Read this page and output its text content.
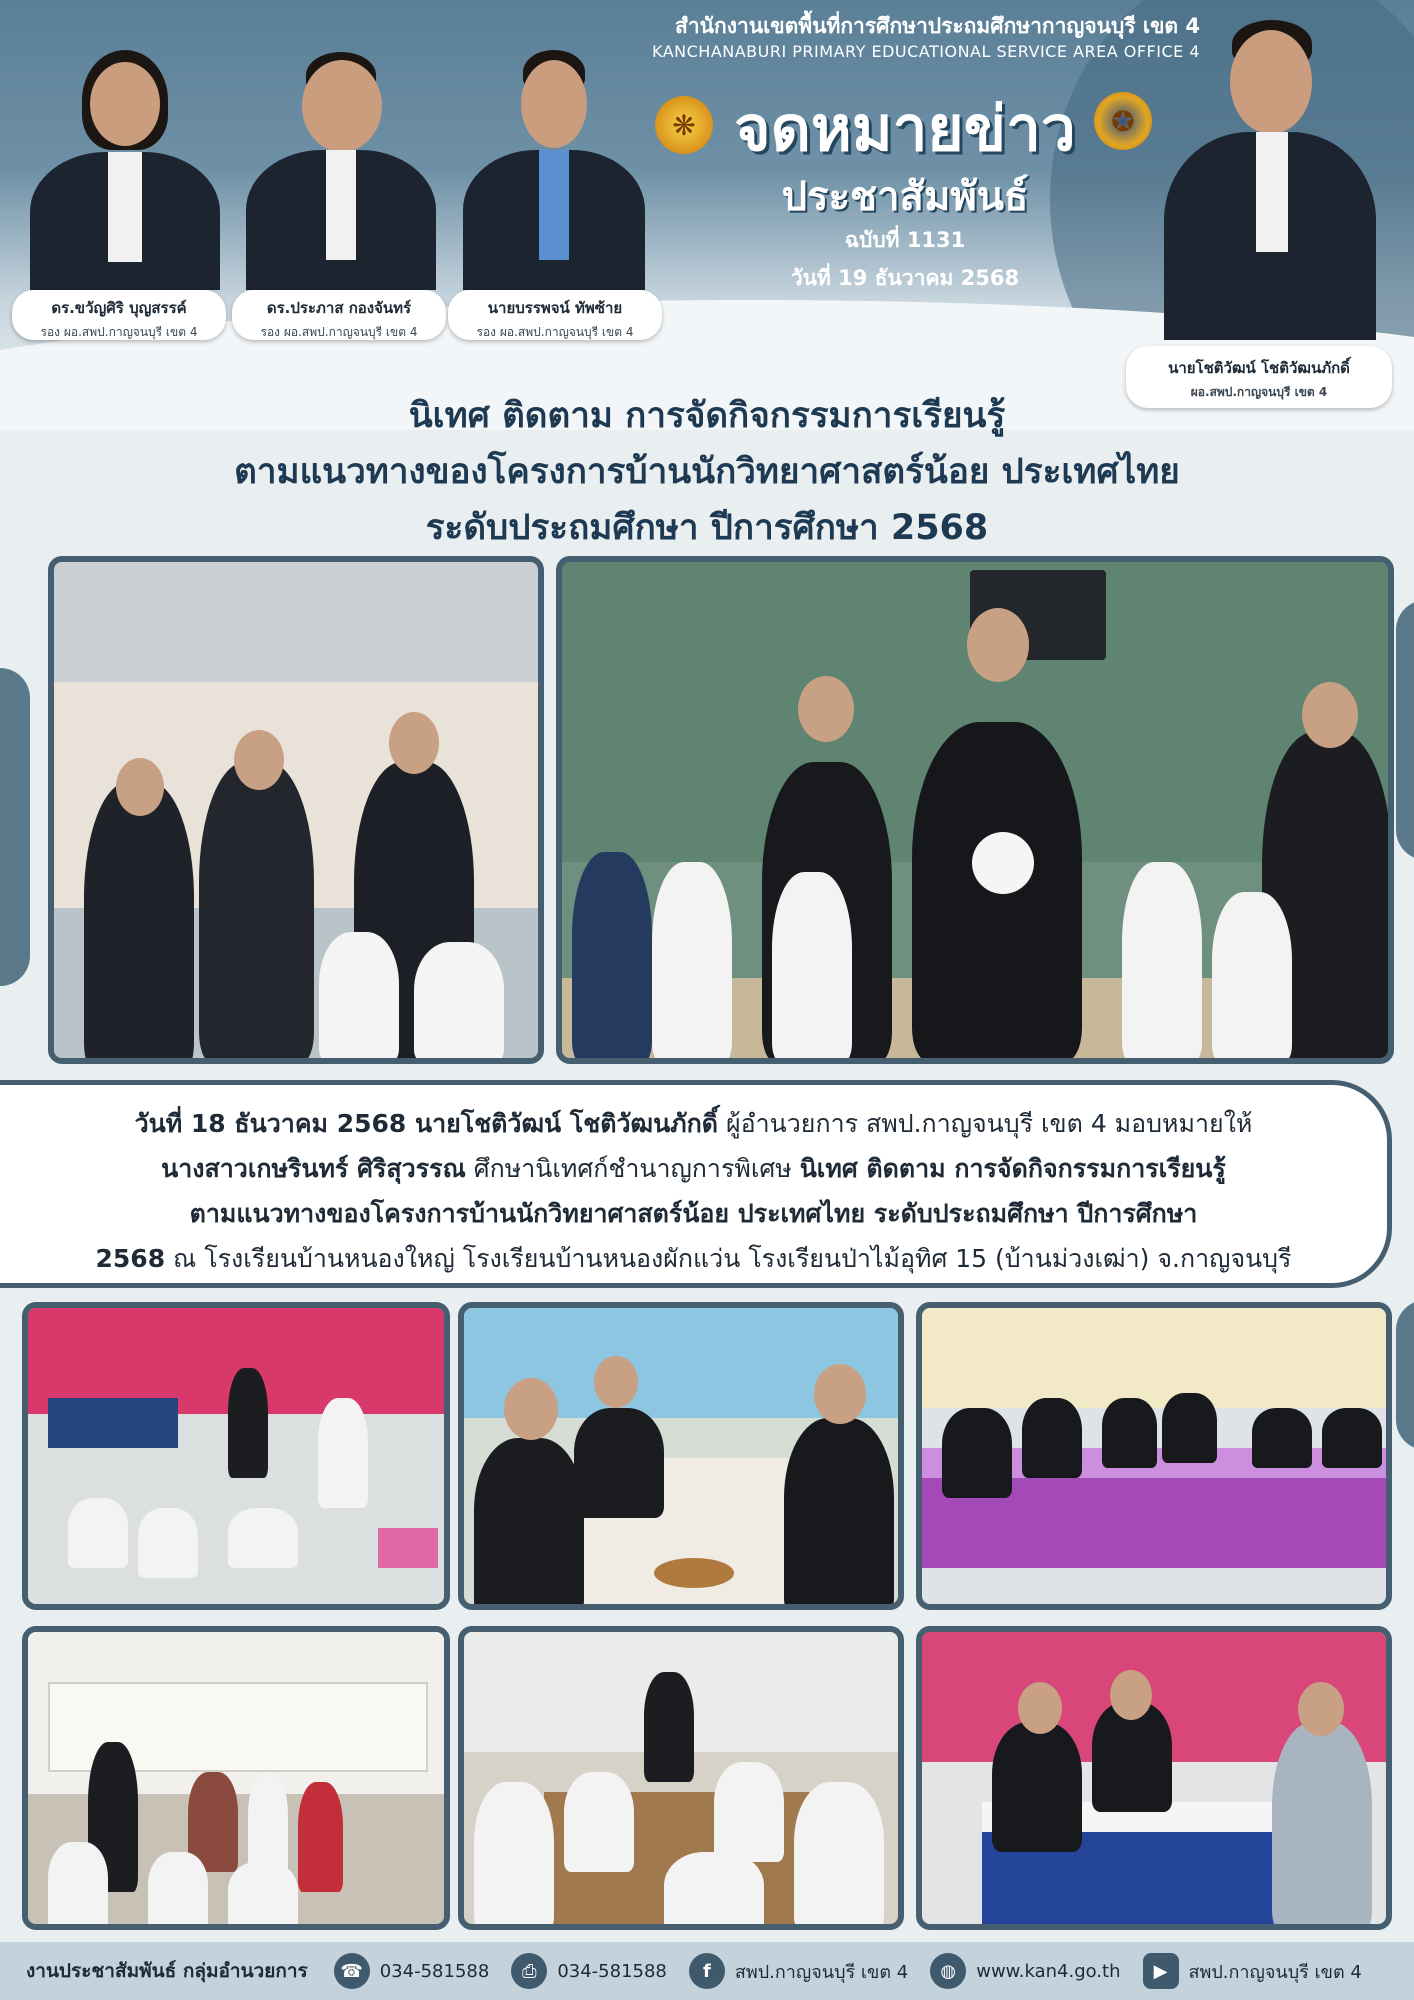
สำนักงานเขตพื้นที่การศึกษาประถมศึกษากาญจนบุรี เขต 4
KANCHANABURI PRIMARY EDUCATIONAL SERVICE AREA OFFICE 4
❋ จดหมายข่าว	✪
ประชาสัมพันธ์
ฉบับที่ 1131
วันที่ 19 ธันวาคม 2568
ดร.ขวัญศิริ บุญสรรค์
รอง ผอ.สพป.กาญจนบุรี เขต 4
ดร.ประภาส กองจันทร์
รอง ผอ.สพป.กาญจนบุรี เขต 4
นายบรรพจน์ ทัพซ้าย
รอง ผอ.สพป.กาญจนบุรี เขต 4
นายโชติวัฒน์ โชติวัฒนภักดิ์
ผอ.สพป.กาญจนบุรี เขต 4
นิเทศ ติดตาม การจัดกิจกรรมการเรียนรู้
ตามแนวทางของโครงการบ้านนักวิทยาศาสตร์น้อย ประเทศไทย
ระดับประถมศึกษา ปีการศึกษา 2568
วันที่ 18 ธันวาคม 2568 นายโชติวัฒน์ โชติวัฒนภักดิ์ ผู้อำนวยการ สพป.กาญจนบุรี เขต 4 มอบหมายให้
นางสาวเกษรินทร์ ศิริสุวรรณ ศึกษานิเทศก์ชำนาญการพิเศษ นิเทศ ติดตาม การจัดกิจกรรมการเรียนรู้
ตามแนวทางของโครงการบ้านนักวิทยาศาสตร์น้อย ประเทศไทย ระดับประถมศึกษา ปีการศึกษา
2568 ณ โรงเรียนบ้านหนองใหญ่ โรงเรียนบ้านหนองผักแว่น โรงเรียนป่าไม้อุทิศ 15 (บ้านม่วงเฒ่า) จ.กาญจนบุรี
งานประชาสัมพันธ์ กลุ่มอำนวยการ	☎ 034-581588	⎙	034-581588	f	สพป.กาญจนบุรี เขต 4	◍	www.kan4.go.th	▶	สพป.กาญจนบุรี เขต 4
